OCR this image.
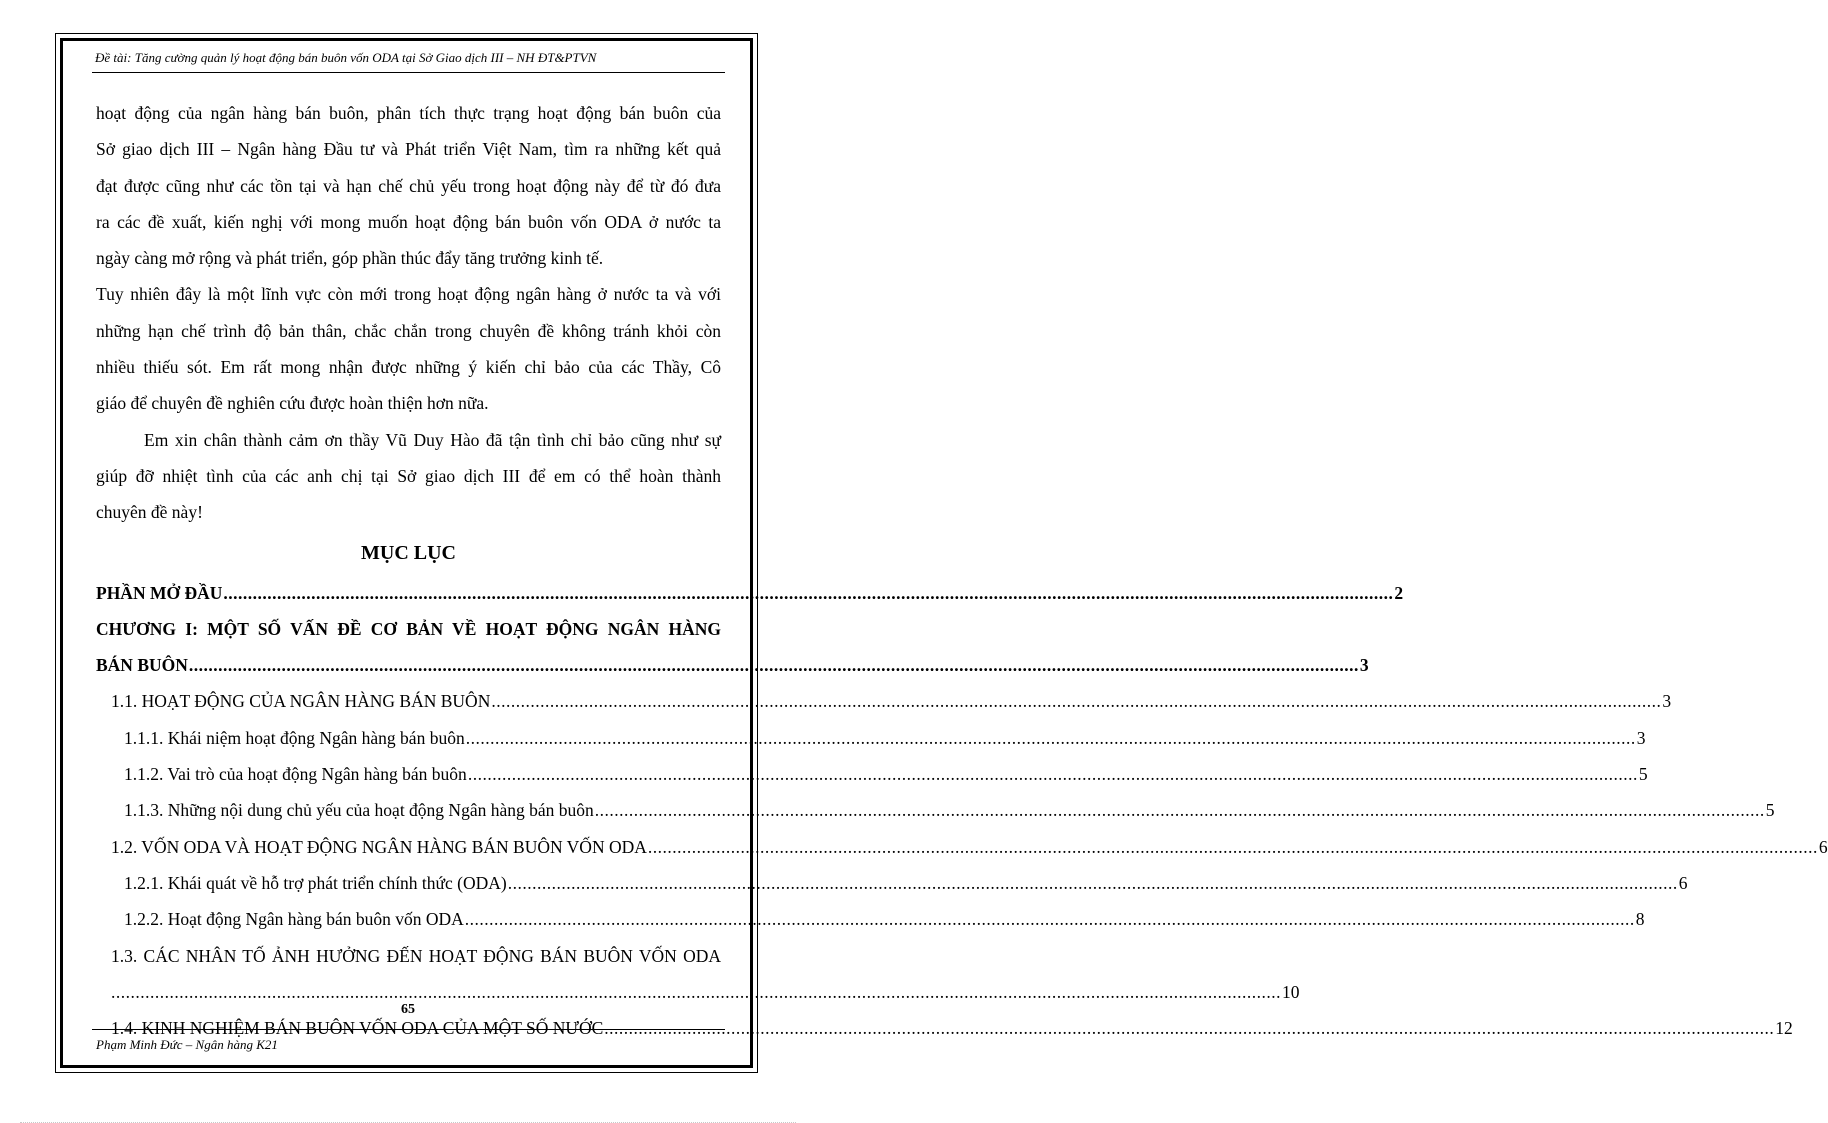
Đề tài: Tăng cường quản lý hoạt động bán buôn vốn ODA tại Sở Giao dịch III – NH ĐT&PTVN
hoạt động của ngân hàng bán buôn, phân tích thực trạng hoạt động bán buôn của
Sở giao dịch III – Ngân hàng Đầu tư và Phát triển Việt Nam, tìm ra những kết quả
đạt được cũng như các tồn tại và hạn chế chủ yếu trong hoạt động này để từ đó đưa
ra các đề xuất, kiến nghị với mong muốn hoạt động bán buôn vốn ODA ở nước ta
ngày càng mở rộng và phát triển, góp phần thúc đẩy tăng trưởng kinh tế.
Tuy nhiên đây là một lĩnh vực còn mới trong hoạt động ngân hàng ở nước ta và với
những hạn chế trình độ bản thân, chắc chắn trong chuyên đề không tránh khỏi còn
nhiều thiếu sót. Em rất mong nhận được những ý kiến chỉ bảo của các Thầy, Cô
giáo để chuyên đề nghiên cứu được hoàn thiện hơn nữa.
Em xin chân thành cảm ơn thầy Vũ Duy Hào đã tận tình chỉ bảo cũng như sự
giúp đỡ nhiệt tình của các anh chị tại Sở giao dịch III để em có thể hoàn thành
chuyên đề này!
MỤC LỤC
PHẦN MỞ ĐẦU ................................................................................................................................................................................................................................................ 2
CHƯƠNG I: MỘT SỐ VẤN ĐỀ CƠ BẢN VỀ HOẠT ĐỘNG NGÂN HÀNG
BÁN BUÔN ................................................................................................................................................................................................................................................ 3
1.1. HOẠT ĐỘNG CỦA NGÂN HÀNG BÁN BUÔN ................................................................................................................................................................................................................................................ 3
1.1.1. Khái niệm hoạt động Ngân hàng bán buôn ................................................................................................................................................................................................................................................ 3
1.1.2. Vai trò của hoạt động Ngân hàng bán buôn ................................................................................................................................................................................................................................................ 5
1.1.3. Những nội dung chủ yếu của hoạt động Ngân hàng bán buôn ................................................................................................................................................................................................................................................ 5
1.2. VỐN ODA VÀ HOẠT ĐỘNG NGÂN HÀNG BÁN BUÔN VỐN ODA ................................................................................................................................................................................................................................................ 6
1.2.1. Khái quát về hỗ trợ phát triển chính thức (ODA) ................................................................................................................................................................................................................................................ 6
1.2.2. Hoạt động Ngân hàng bán buôn vốn ODA ................................................................................................................................................................................................................................................ 8
1.3. CÁC NHÂN TỐ ẢNH HƯỞNG ĐẾN HOẠT ĐỘNG BÁN BUÔN VỐN ODA
................................................................................................................................................................................................................................................ 10
1.4. KINH NGHIỆM BÁN BUÔN VỐN ODA CỦA MỘT SỐ NƯỚC ................................................................................................................................................................................................................................................ 12
65
Phạm Minh Đức – Ngân hàng K21
